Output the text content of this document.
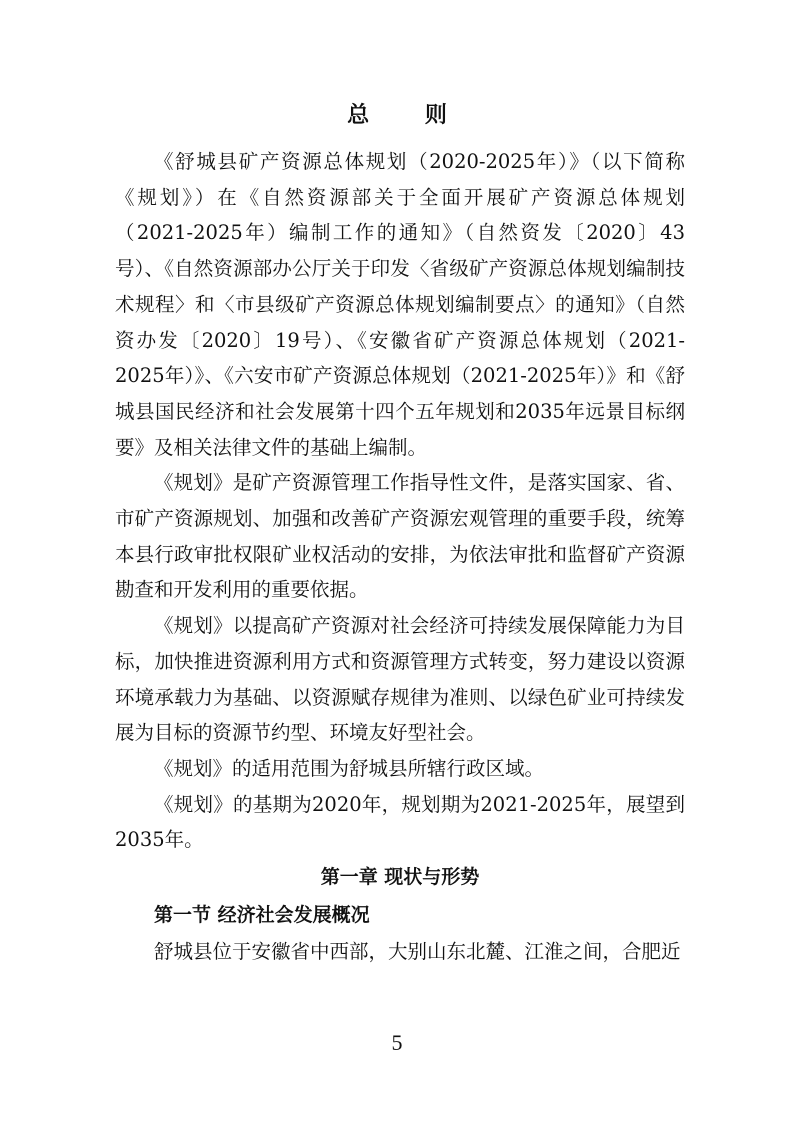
总 则

《舒城县矿产资源总体规划（2020-2025年）》（以下简称《规划》）在《自然资源部关于全面开展矿产资源总体规划（2021-2025年）编制工作的通知》（自然资发〔2020〕43号）、《自然资源部办公厅关于印发〈省级矿产资源总体规划编制技术规程〉和〈市县级矿产资源总体规划编制要点〉的通知》（自然资办发〔2020〕19号）、《安徽省矿产资源总体规划（2021-2025年）》、《六安市矿产资源总体规划（2021-2025年）》和《舒城县国民经济和社会发展第十四个五年规划和2035年远景目标纲要》及相关法律文件的基础上编制。

《规划》是矿产资源管理工作指导性文件，是落实国家、省、市矿产资源规划、加强和改善矿产资源宏观管理的重要手段，统筹本县行政审批权限矿业权活动的安排，为依法审批和监督矿产资源勘查和开发利用的重要依据。

《规划》以提高矿产资源对社会经济可持续发展保障能力为目标，加快推进资源利用方式和资源管理方式转变，努力建设以资源环境承载力为基础、以资源赋存规律为准则、以绿色矿业可持续发展为目标的资源节约型、环境友好型社会。

《规划》的适用范围为舒城县所辖行政区域。

《规划》的基期为2020年，规划期为2021-2025年，展望到2035年。

第一章 现状与形势
第一节 经济社会发展概况

舒城县位于安徽省中西部，大别山东北麓、江淮之间，合肥近

5
